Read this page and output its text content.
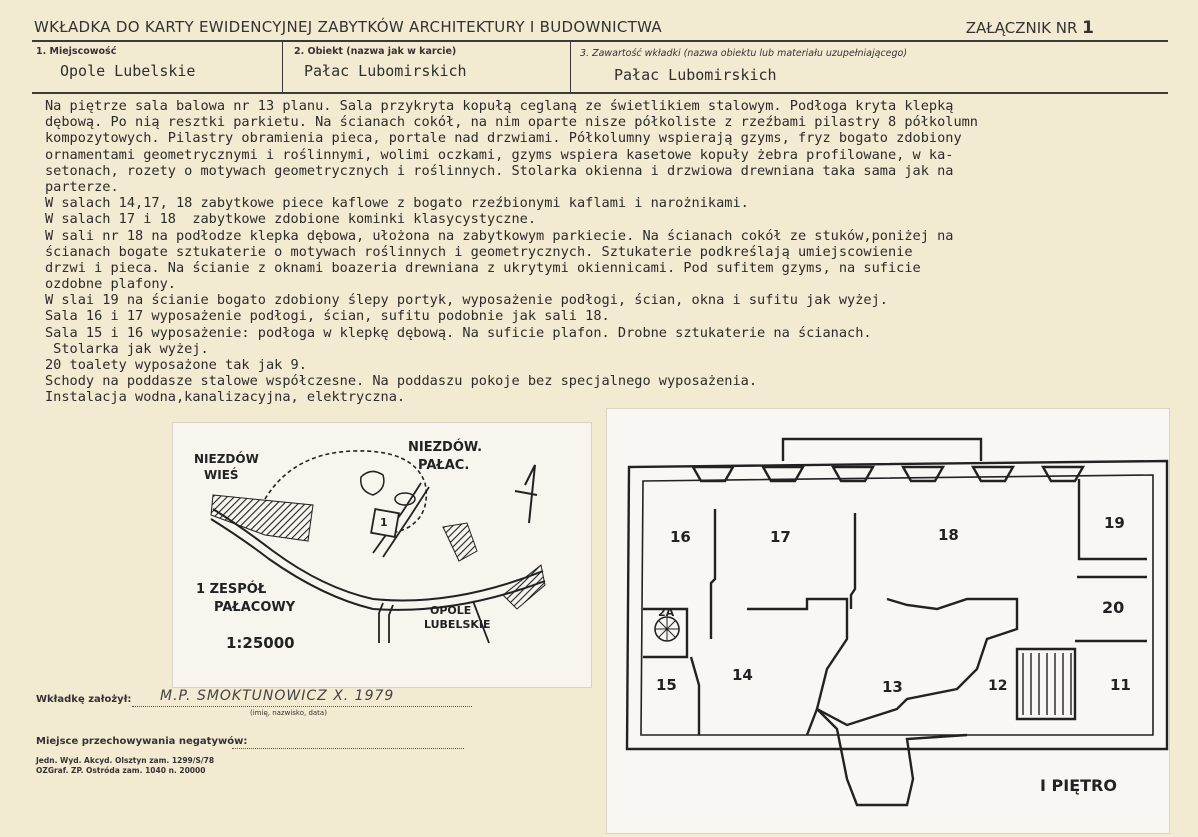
WKŁADKA DO KARTY EWIDENCYJNEJ ZABYTKÓW ARCHITEKTURY I BUDOWNICTWA	ZAŁĄCZNIK NR 1
1. Miejscowość
Opole Lubelskie
2. Obiekt (nazwa jak w karcie)
Pałac Lubomirskich
3. Zawartość wkładki (nazwa obiektu lub materiału uzupełniającego)
Pałac Lubomirskich
Na piętrze sala balowa nr 13 planu. Sala przykryta kopułą ceglaną ze świetlikiem stalowym. Podłoga kryta klepką
dębową. Po nią resztki parkietu. Na ścianach cokół, na nim oparte nisze półkoliste z rzeźbami pilastry 8 półkolumn
kompozytowych. Pilastry obramienia pieca, portale nad drzwiami. Półkolumny wspierają gzyms, fryz bogato zdobiony
ornamentami geometrycznymi i roślinnymi, wolimi oczkami, gzyms wspiera kasetowe kopuły żebra profilowane, w ka-
setonach, rozety o motywach geometrycznych i roślinnych. Stolarka okienna i drzwiowa drewniana taka sama jak na
parterze.
W salach 14,17, 18 zabytkowe piece kaflowe z bogato rzeźbionymi kaflami i narożnikami.
W salach 17 i 18  zabytkowe zdobione kominki klasycystyczne.
W sali nr 18 na podłodze klepka dębowa, ułożona na zabytkowym parkiecie. Na ścianach cokół ze stuków,poniżej na
ścianach bogate sztukaterie o motywach roślinnych i geometrycznych. Sztukaterie podkreślają umiejscowienie
drzwi i pieca. Na ścianie z oknami boazeria drewniana z ukrytymi okiennicami. Pod sufitem gzyms, na suficie
ozdobne plafony.
W slai 19 na ścianie bogato zdobiony ślepy portyk, wyposażenie podłogi, ścian, okna i sufitu jak wyżej.
Sala 16 i 17 wyposażenie podłogi, ścian, sufitu podobnie jak sali 18.
Sala 15 i 16 wyposażenie: podłoga w klepkę dębową. Na suficie plafon. Drobne sztukaterie na ścianach.
Stolarka jak wyżej.
20 toalety wyposażone tak jak 9.
Schody na poddasze stalowe współczesne. Na poddaszu pokoje bez specjalnego wyposażenia.
Instalacja wodna,kanalizacyjna, elektryczna.
NIEZDÓW
WIEŚ
NIEZDÓW.
PAŁAC.
1
1 ZESPÓŁ
PAŁACOWY	OPOLE
LUBELSKIE
1:25000
16	17	18
19
20
2A
15
14
13	12	11
I PIĘTRO
Wkładkę założył: M.P. SMOKTUNOWICZ X. 1979
(imię, nazwisko, data)
Miejsce przechowywania negatywów:
Jedn. Wyd. Akcyd. Olsztyn zam. 1299/S/78
OZGraf. ZP. Ostróda zam. 1040 n. 20000
